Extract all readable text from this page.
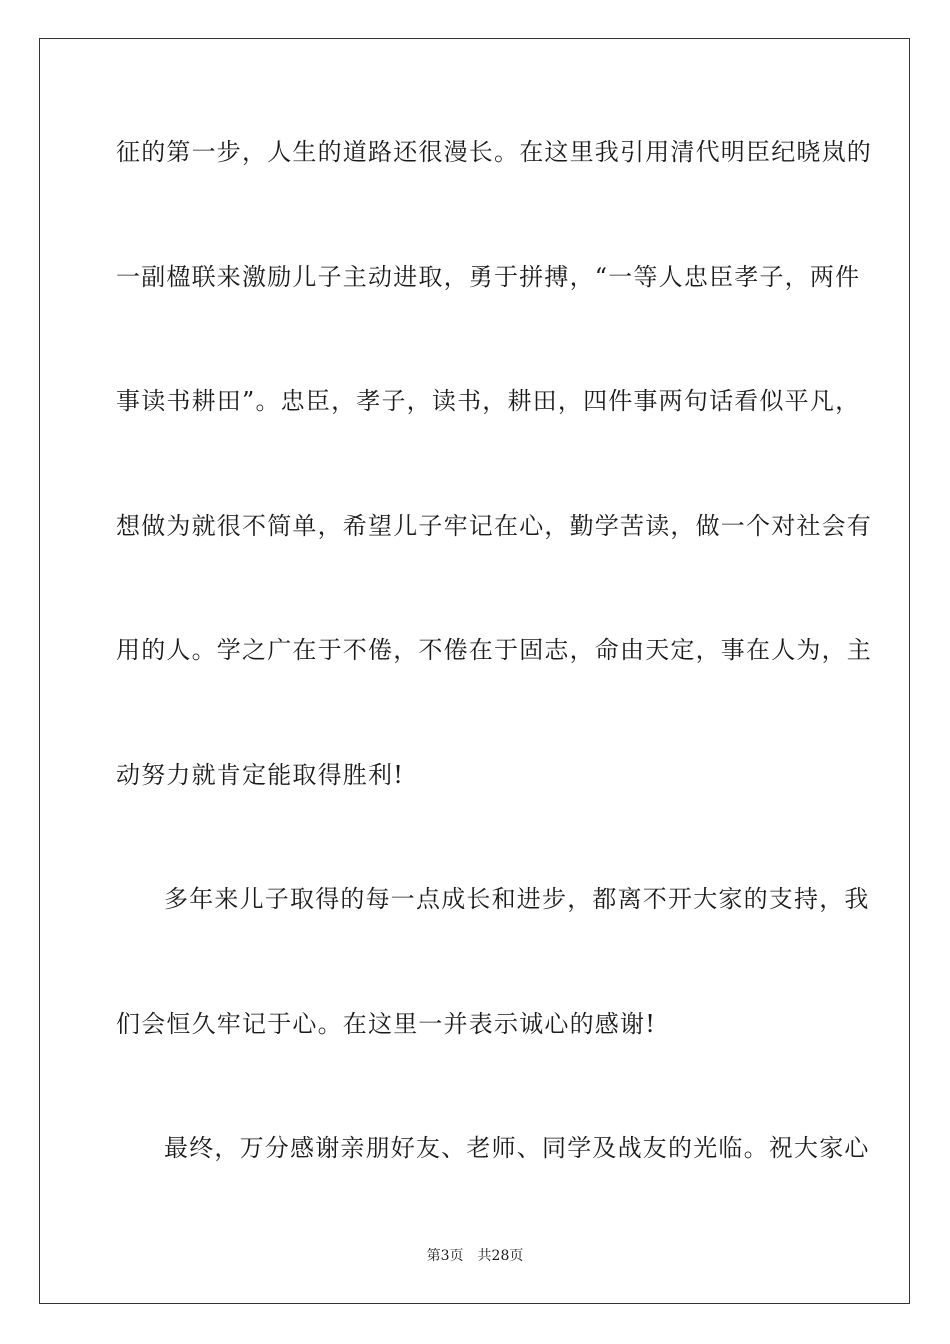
征的第一步，人生的道路还很漫长。在这里我引用清代明臣纪晓岚的
一副楹联来激励儿子主动进取，勇于拼搏，“一等人忠臣孝子，两件
事读书耕田”。忠臣，孝子，读书，耕田，四件事两句话看似平凡，
想做为就很不简单，希望儿子牢记在心，勤学苦读，做一个对社会有
用的人。学之广在于不倦，不倦在于固志，命由天定，事在人为，主
动努力就肯定能取得胜利!
多年来儿子取得的每一点成长和进步，都离不开大家的支持，我
们会恒久牢记于心。在这里一并表示诚心的感谢!
最终，万分感谢亲朋好友、老师、同学及战友的光临。祝大家心
第3页 共28页
